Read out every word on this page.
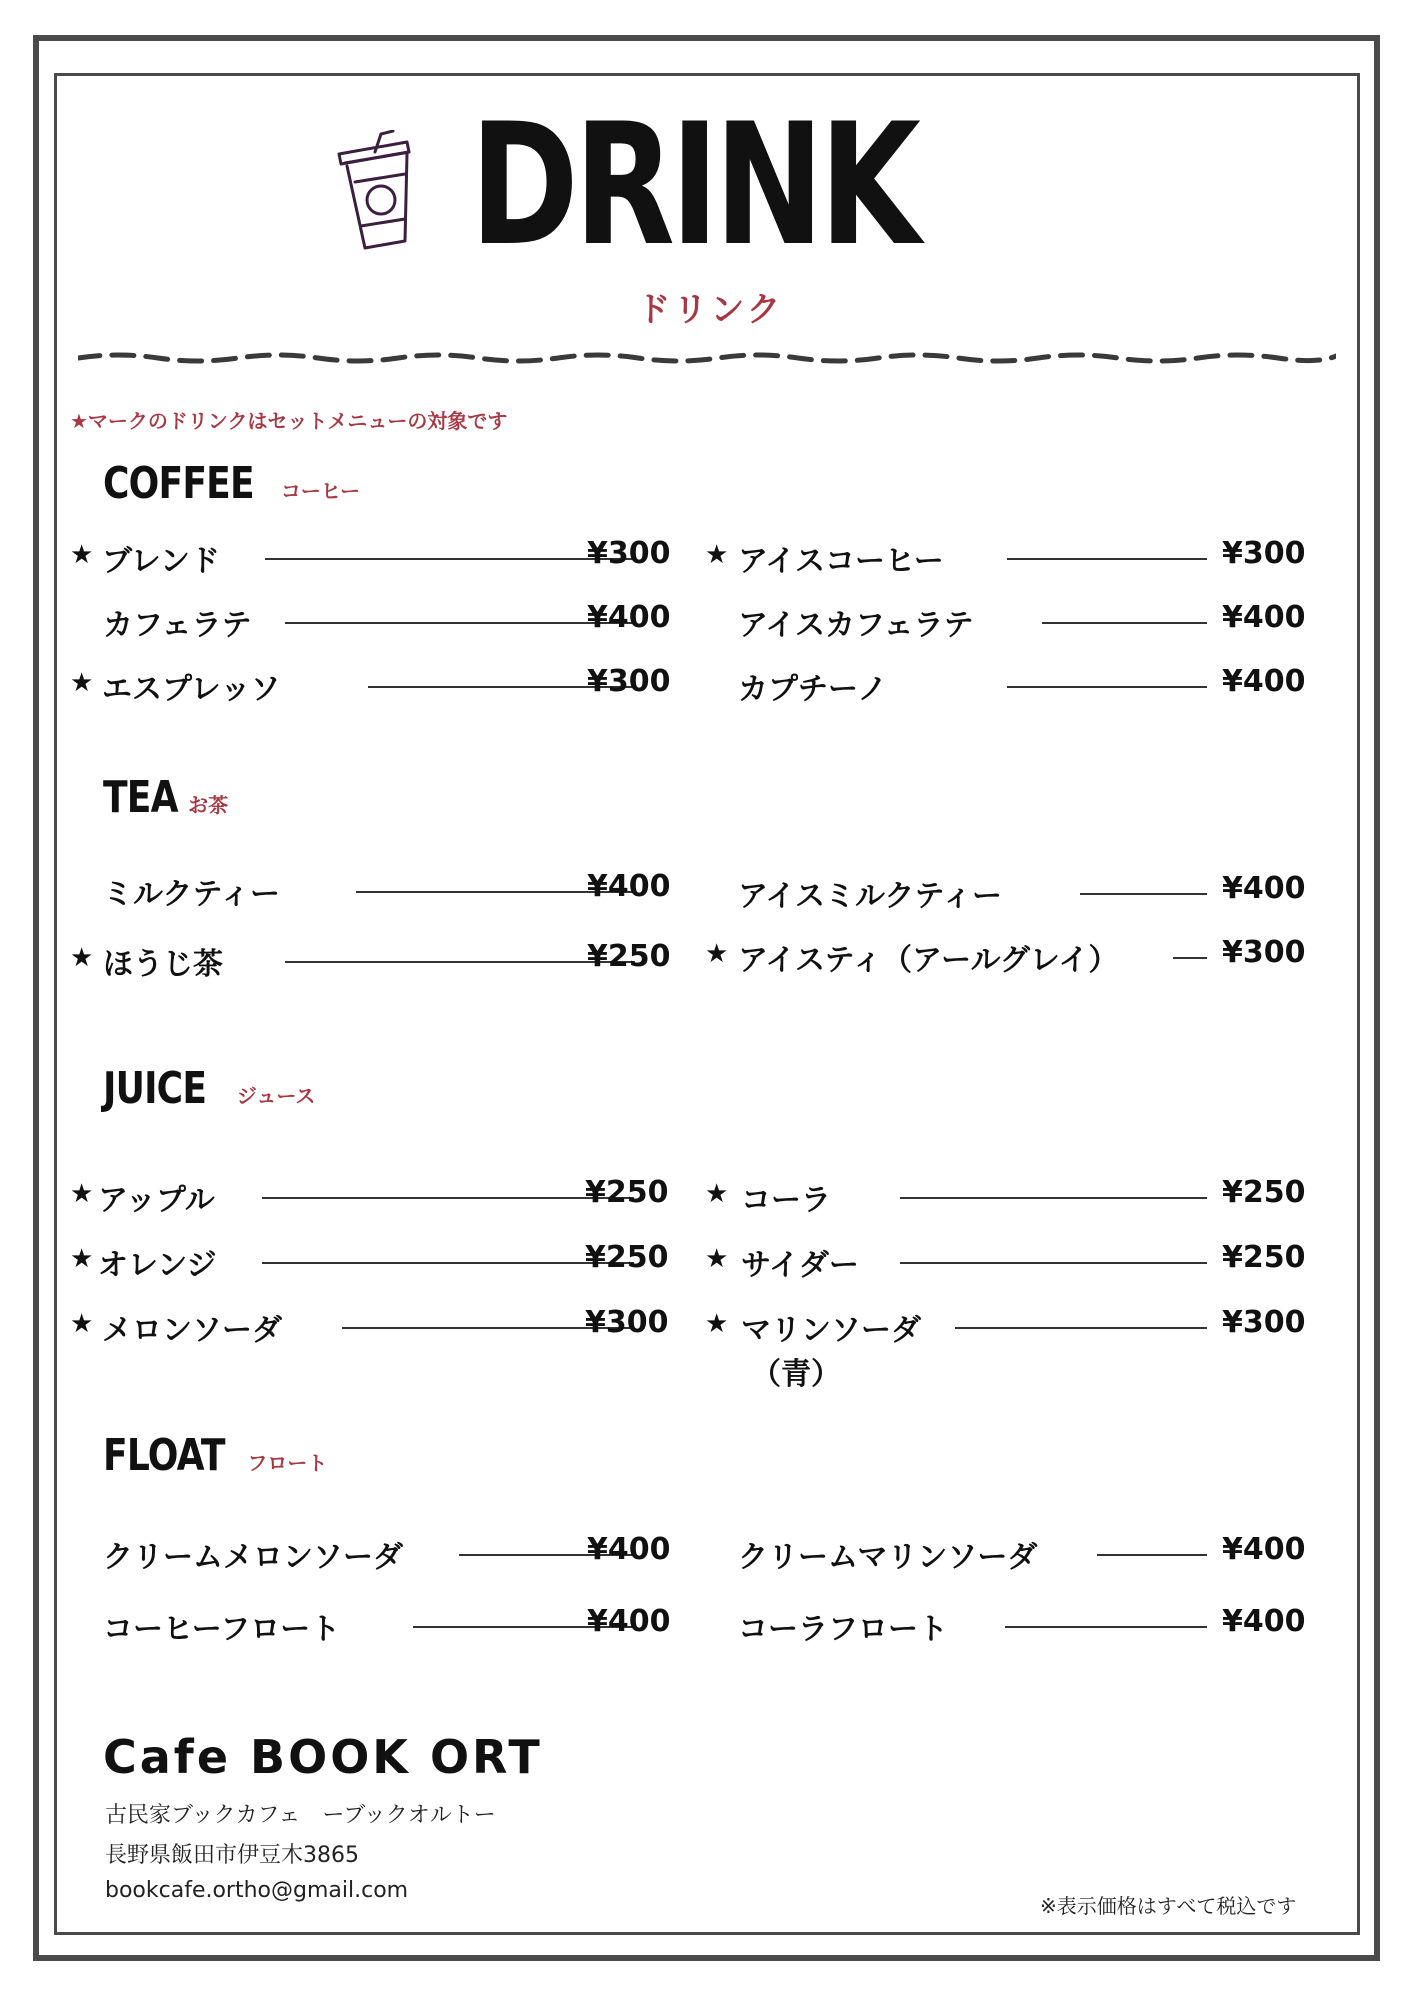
DRINK
ドリンク
★マークのドリンクはセットメニューの対象です
COFFEE コーヒー
★ ブレンド	¥300
カフェラテ	¥400
★ エスプレッソ	¥300
★ アイスコーヒー	¥300
アイスカフェラテ	¥400
カプチーノ	¥400
TEA お茶
ミルクティー	¥400
★ ほうじ茶	¥250
アイスミルクティー	¥400
★ アイスティ（アールグレイ）	¥300
JUICE ジュース
★ アップル	¥250
★ オレンジ	¥250
★ メロンソーダ	¥300
★ コーラ	¥250
★ サイダー	¥250
★ マリンソーダ
（青）
¥300
FLOAT フロート
クリームメロンソーダ	¥400
コーヒーフロート	¥400
クリームマリンソーダ	¥400
コーラフロート	¥400
Cafe BOOK ORT
古民家ブックカフェ　ーブックオルトー
長野県飯田市伊豆木3865
bookcafe.ortho@gmail.com
※表示価格はすべて税込です
